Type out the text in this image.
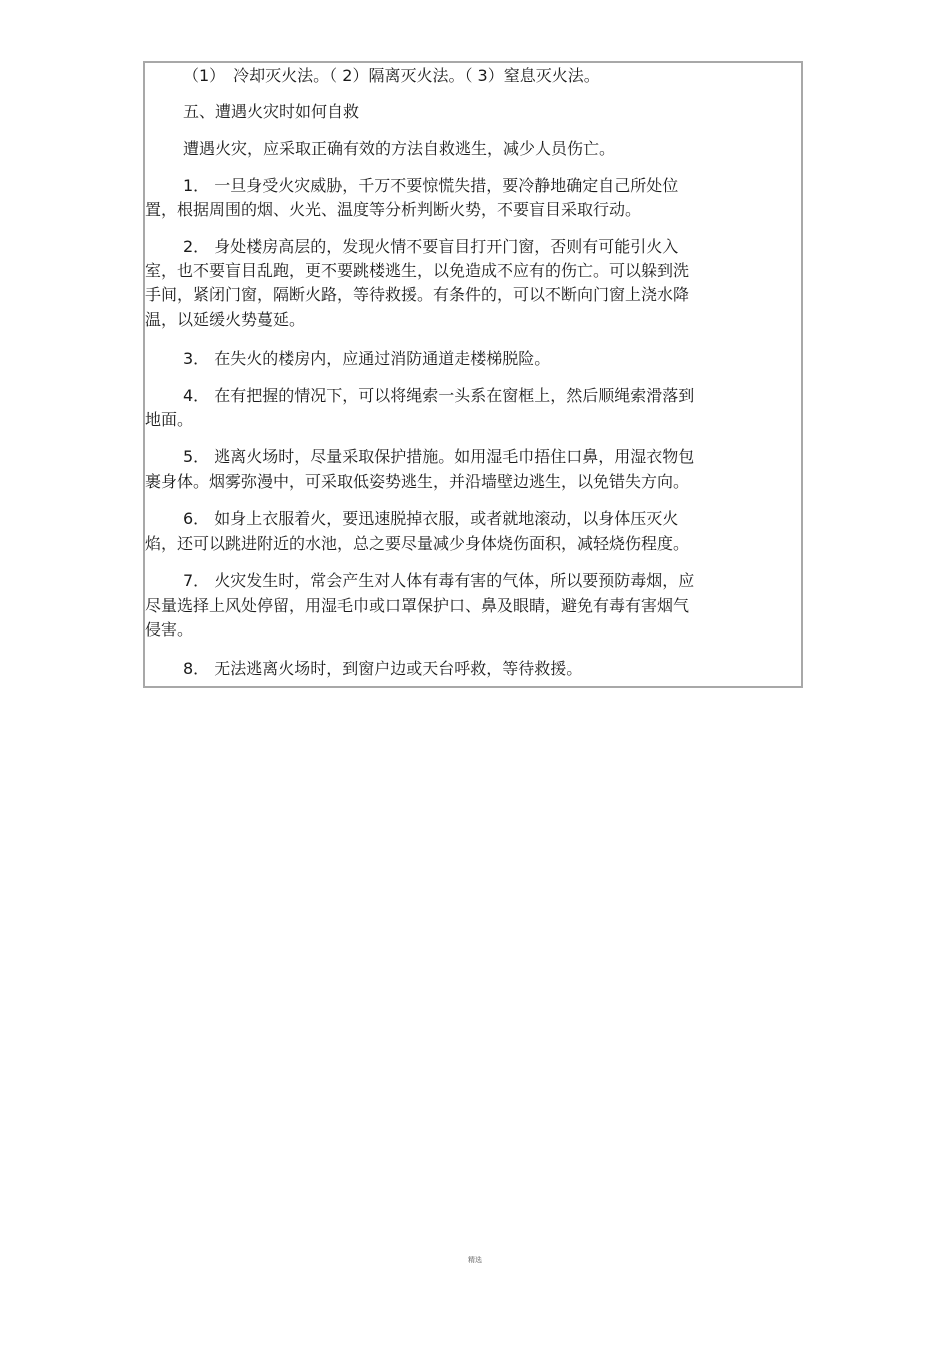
（1）　冷却灭火法。（ 2）隔离灭火法。（ 3）窒息灭火法。
五、遭遇火灾时如何自救
遭遇火灾，应采取正确有效的方法自救逃生，减少人员伤亡。
1． 一旦身受火灾威胁，千万不要惊慌失措，要冷静地确定自己所处位
置，根据周围的烟、火光、温度等分析判断火势，不要盲目采取行动。
2． 身处楼房高层的，发现火情不要盲目打开门窗，否则有可能引火入
室，也不要盲目乱跑，更不要跳楼逃生，以免造成不应有的伤亡。可以躲到洗
手间，紧闭门窗，隔断火路，等待救援。有条件的，可以不断向门窗上浇水降
温，以延缓火势蔓延。
3． 在失火的楼房内，应通过消防通道走楼梯脱险。
4． 在有把握的情况下，可以将绳索一头系在窗框上，然后顺绳索滑落到
地面。
5． 逃离火场时，尽量采取保护措施。如用湿毛巾捂住口鼻，用湿衣物包
裹身体。烟雾弥漫中，可采取低姿势逃生，并沿墙壁边逃生，以免错失方向。
6． 如身上衣服着火，要迅速脱掉衣服，或者就地滚动，以身体压灭火
焰，还可以跳进附近的水池，总之要尽量减少身体烧伤面积，减轻烧伤程度。
7． 火灾发生时，常会产生对人体有毒有害的气体，所以要预防毒烟，应
尽量选择上风处停留，用湿毛巾或口罩保护口、鼻及眼睛，避免有毒有害烟气
侵害。
8． 无法逃离火场时，到窗户边或天台呼救，等待救援。
精选
